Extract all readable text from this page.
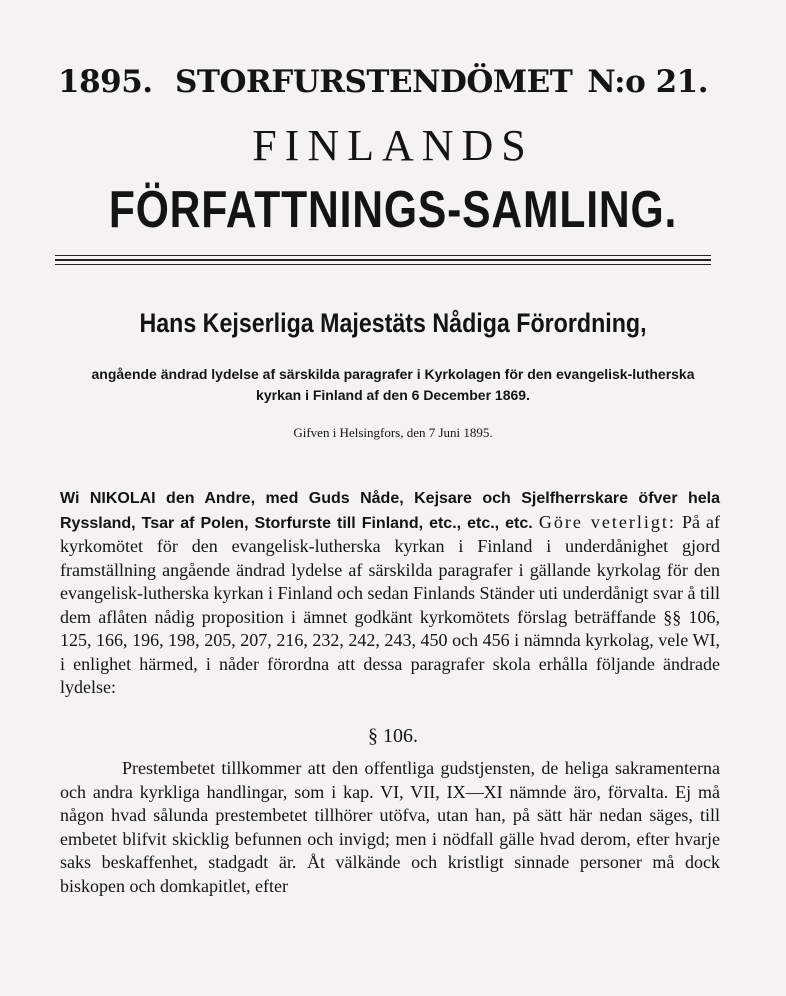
1895. STORFURSTENDÖMET N:o 21.
FINLANDS
FÖRFATTNINGS-SAMLING.
Hans Kejserliga Majestäts Nådiga Förordning,
angående ändrad lydelse af särskilda paragrafer i Kyrkolagen för den evangelisk-lutherska
kyrkan i Finland af den 6 December 1869.
Gifven i Helsingfors, den 7 Juni 1895.
Wi NIKOLAI den Andre, med Guds Nåde, Kejsare och Sjelfherrskare öfver hela Ryssland, Tsar af Polen, Storfurste till Finland, etc., etc., etc. Göre veterligt: På af kyrkomötet för den evangelisk-lutherska kyrkan i Finland i underdånighet gjord framställning angående ändrad lydelse af särskilda paragrafer i gällande kyrkolag för den evangelisk-lutherska kyrkan i Finland och sedan Finlands Ständer uti underdånigt svar å till dem aflåten nådig proposition i ämnet godkänt kyrkomötets förslag beträffande §§ 106, 125, 166, 196, 198, 205, 207, 216, 232, 242, 243, 450 och 456 i nämnda kyrkolag, vele WI, i enlighet härmed, i nåder förordna att dessa paragrafer skola erhålla följande ändrade lydelse:
§ 106.
Prestembetet tillkommer att den offentliga gudstjensten, de heliga sakramenterna och andra kyrkliga handlingar, som i kap. VI, VII, IX—XI nämnde äro, förvalta. Ej må någon hvad sålunda prestembetet tillhörer utöfva, utan han, på sätt här nedan säges, till embetet blifvit skicklig befunnen och invigd; men i nödfall gälle hvad derom, efter hvarje saks beskaffenhet, stadgadt är. Åt välkände och kristligt sinnade personer må dock biskopen och domkapitlet, efter
